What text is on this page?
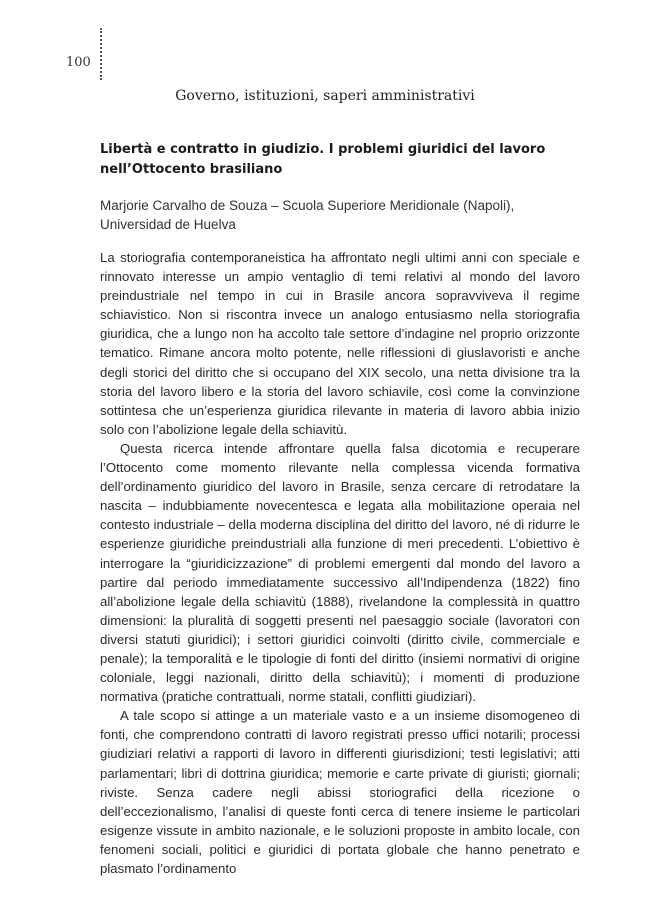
100
Governo, istituzioni, saperi amministrativi
Libertà e contratto in giudizio. I problemi giuridici del lavoro nell’Ottocento brasiliano
Marjorie Carvalho de Souza – Scuola Superiore Meridionale (Napoli), Universidad de Huelva

La storiografia contemporaneistica ha affrontato negli ultimi anni con speciale e rinnovato interesse un ampio ventaglio di temi relativi al mondo del lavoro preindustriale nel tempo in cui in Brasile ancora sopravviveva il regime schiavistico. Non si riscontra invece un analogo entusiasmo nella storiografia giuridica, che a lungo non ha accolto tale settore d’indagine nel proprio orizzonte tematico. Rimane ancora molto potente, nelle riflessioni di giuslavoristi e anche degli storici del diritto che si occupano del XIX secolo, una netta divisione tra la storia del lavoro libero e la storia del lavoro schiavile, così come la convinzione sottintesa che un’esperienza giuridica rilevante in materia di lavoro abbia inizio solo con l’abolizione legale della schiavitù.

Questa ricerca intende affrontare quella falsa dicotomia e recuperare l’Ottocento come momento rilevante nella complessa vicenda formativa dell’ordinamento giuridico del lavoro in Brasile, senza cercare di retrodatare la nascita – indubbiamente novecentesca e legata alla mobilitazione operaia nel contesto industriale – della moderna disciplina del diritto del lavoro, né di ridurre le esperienze giuridiche preindustriali alla funzione di meri precedenti. L’obiettivo è interrogare la “giuridicizzazione” di problemi emergenti dal mondo del lavoro a partire dal periodo immediatamente successivo all’Indipendenza (1822) fino all’abolizione legale della schiavitù (1888), rivelandone la complessità in quattro dimensioni: la pluralità di soggetti presenti nel paesaggio sociale (lavoratori con diversi statuti giuridici); i settori giuridici coinvolti (diritto civile, commerciale e penale); la temporalità e le tipologie di fonti del diritto (insiemi normativi di origine coloniale, leggi nazionali, diritto della schiavitù); i momenti di produzione normativa (pratiche contrattuali, norme statali, conflitti giudiziari).

A tale scopo si attinge a un materiale vasto e a un insieme disomogeneo di fonti, che comprendono contratti di lavoro registrati presso uffici notarili; processi giudiziari relativi a rapporti di lavoro in differenti giurisdizioni; testi legislativi; atti parlamentari; libri di dottrina giuridica; memorie e carte private di giuristi; giornali; riviste. Senza cadere negli abissi storiografici della ricezione o dell’eccezionalismo, l’analisi di queste fonti cerca di tenere insieme le particolari esigenze vissute in ambito nazionale, e le soluzioni proposte in ambito locale, con fenomeni sociali, politici e giuridici di portata globale che hanno penetrato e plasmato l’ordinamento
